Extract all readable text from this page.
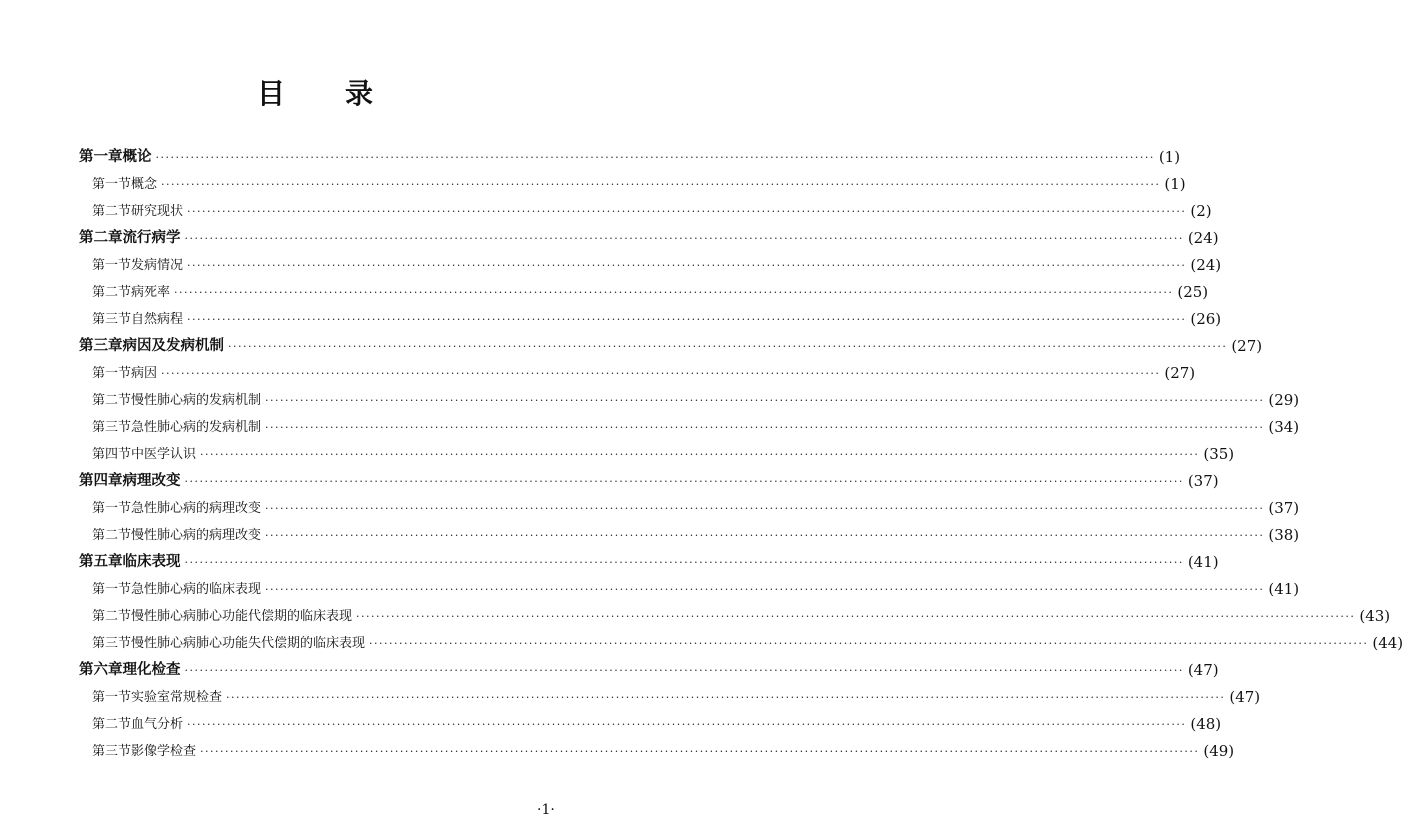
目 录
第一章 概论 ········································································································································································································ (1)
第一节 概念 ········································································································································································································ (1)
第二节 研究现状 ········································································································································································································ (2)
第二章 流行病学 ········································································································································································································ (24)
第一节 发病情况 ········································································································································································································ (24)
第二节 病死率 ········································································································································································································ (25)
第三节 自然病程 ········································································································································································································ (26)
第三章 病因及发病机制 ········································································································································································································ (27)
第一节 病因 ········································································································································································································ (27)
第二节 慢性肺心病的发病机制 ········································································································································································································ (29)
第三节 急性肺心病的发病机制 ········································································································································································································ (34)
第四节 中医学认识 ········································································································································································································ (35)
第四章 病理改变 ········································································································································································································ (37)
第一节 急性肺心病的病理改变 ········································································································································································································ (37)
第二节 慢性肺心病的病理改变 ········································································································································································································ (38)
第五章 临床表现 ········································································································································································································ (41)
第一节 急性肺心病的临床表现 ········································································································································································································ (41)
第二节 慢性肺心病肺心功能代偿期的临床表现 ········································································································································································································ (43)
第三节 慢性肺心病肺心功能失代偿期的临床表现 ········································································································································································································ (44)
第六章 理化检查 ········································································································································································································ (47)
第一节 实验室常规检查 ········································································································································································································ (47)
第二节 血气分析 ········································································································································································································ (48)
第三节 影像学检查 ········································································································································································································ (49)
·1·
